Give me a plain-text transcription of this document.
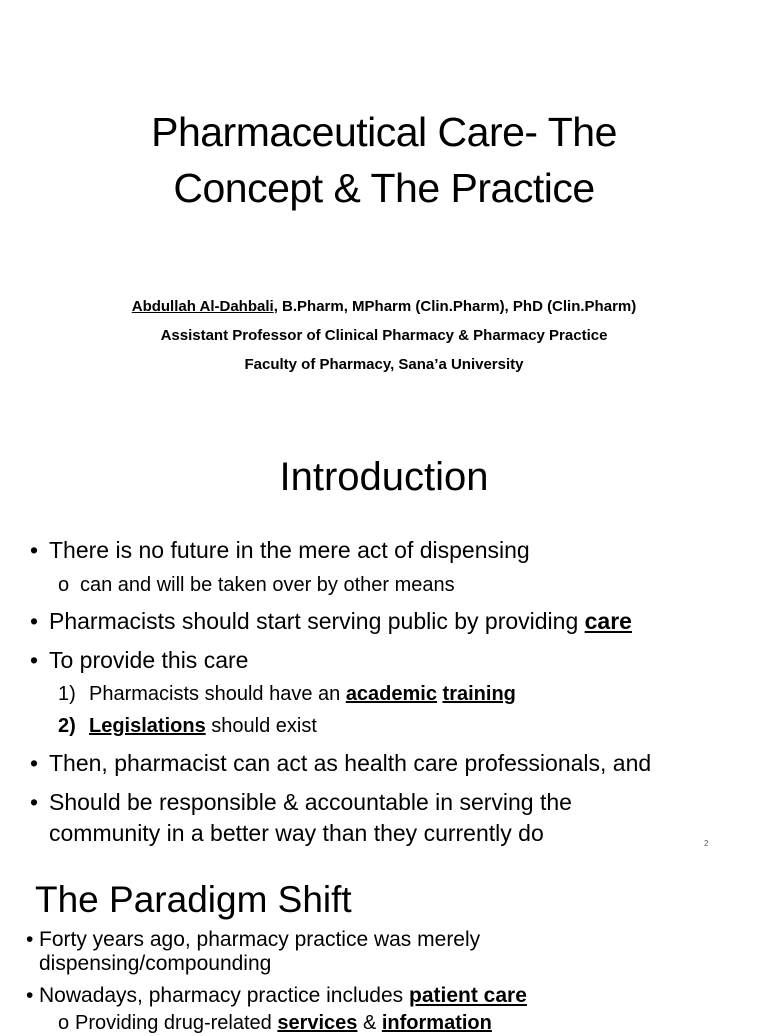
Pharmaceutical Care- The
Concept & The Practice
Abdullah Al-Dahbali, B.Pharm, MPharm (Clin.Pharm), PhD (Clin.Pharm)
Assistant Professor of Clinical Pharmacy & Pharmacy Practice
Faculty of Pharmacy, Sana’a University
Introduction
• There is no future in the mere act of dispensing
o can and will be taken over by other means
• Pharmacists should start serving public by providing care
• To provide this care
1) Pharmacists should have an academic training
2) Legislations should exist
• Then, pharmacist can act as health care professionals, and
• Should be responsible & accountable in serving the
community in a better way than they currently do	2
The Paradigm Shift
• Forty years ago, pharmacy practice was merely
dispensing/compounding
• Nowadays, pharmacy practice includes patient care
o Providing drug-related services & information
